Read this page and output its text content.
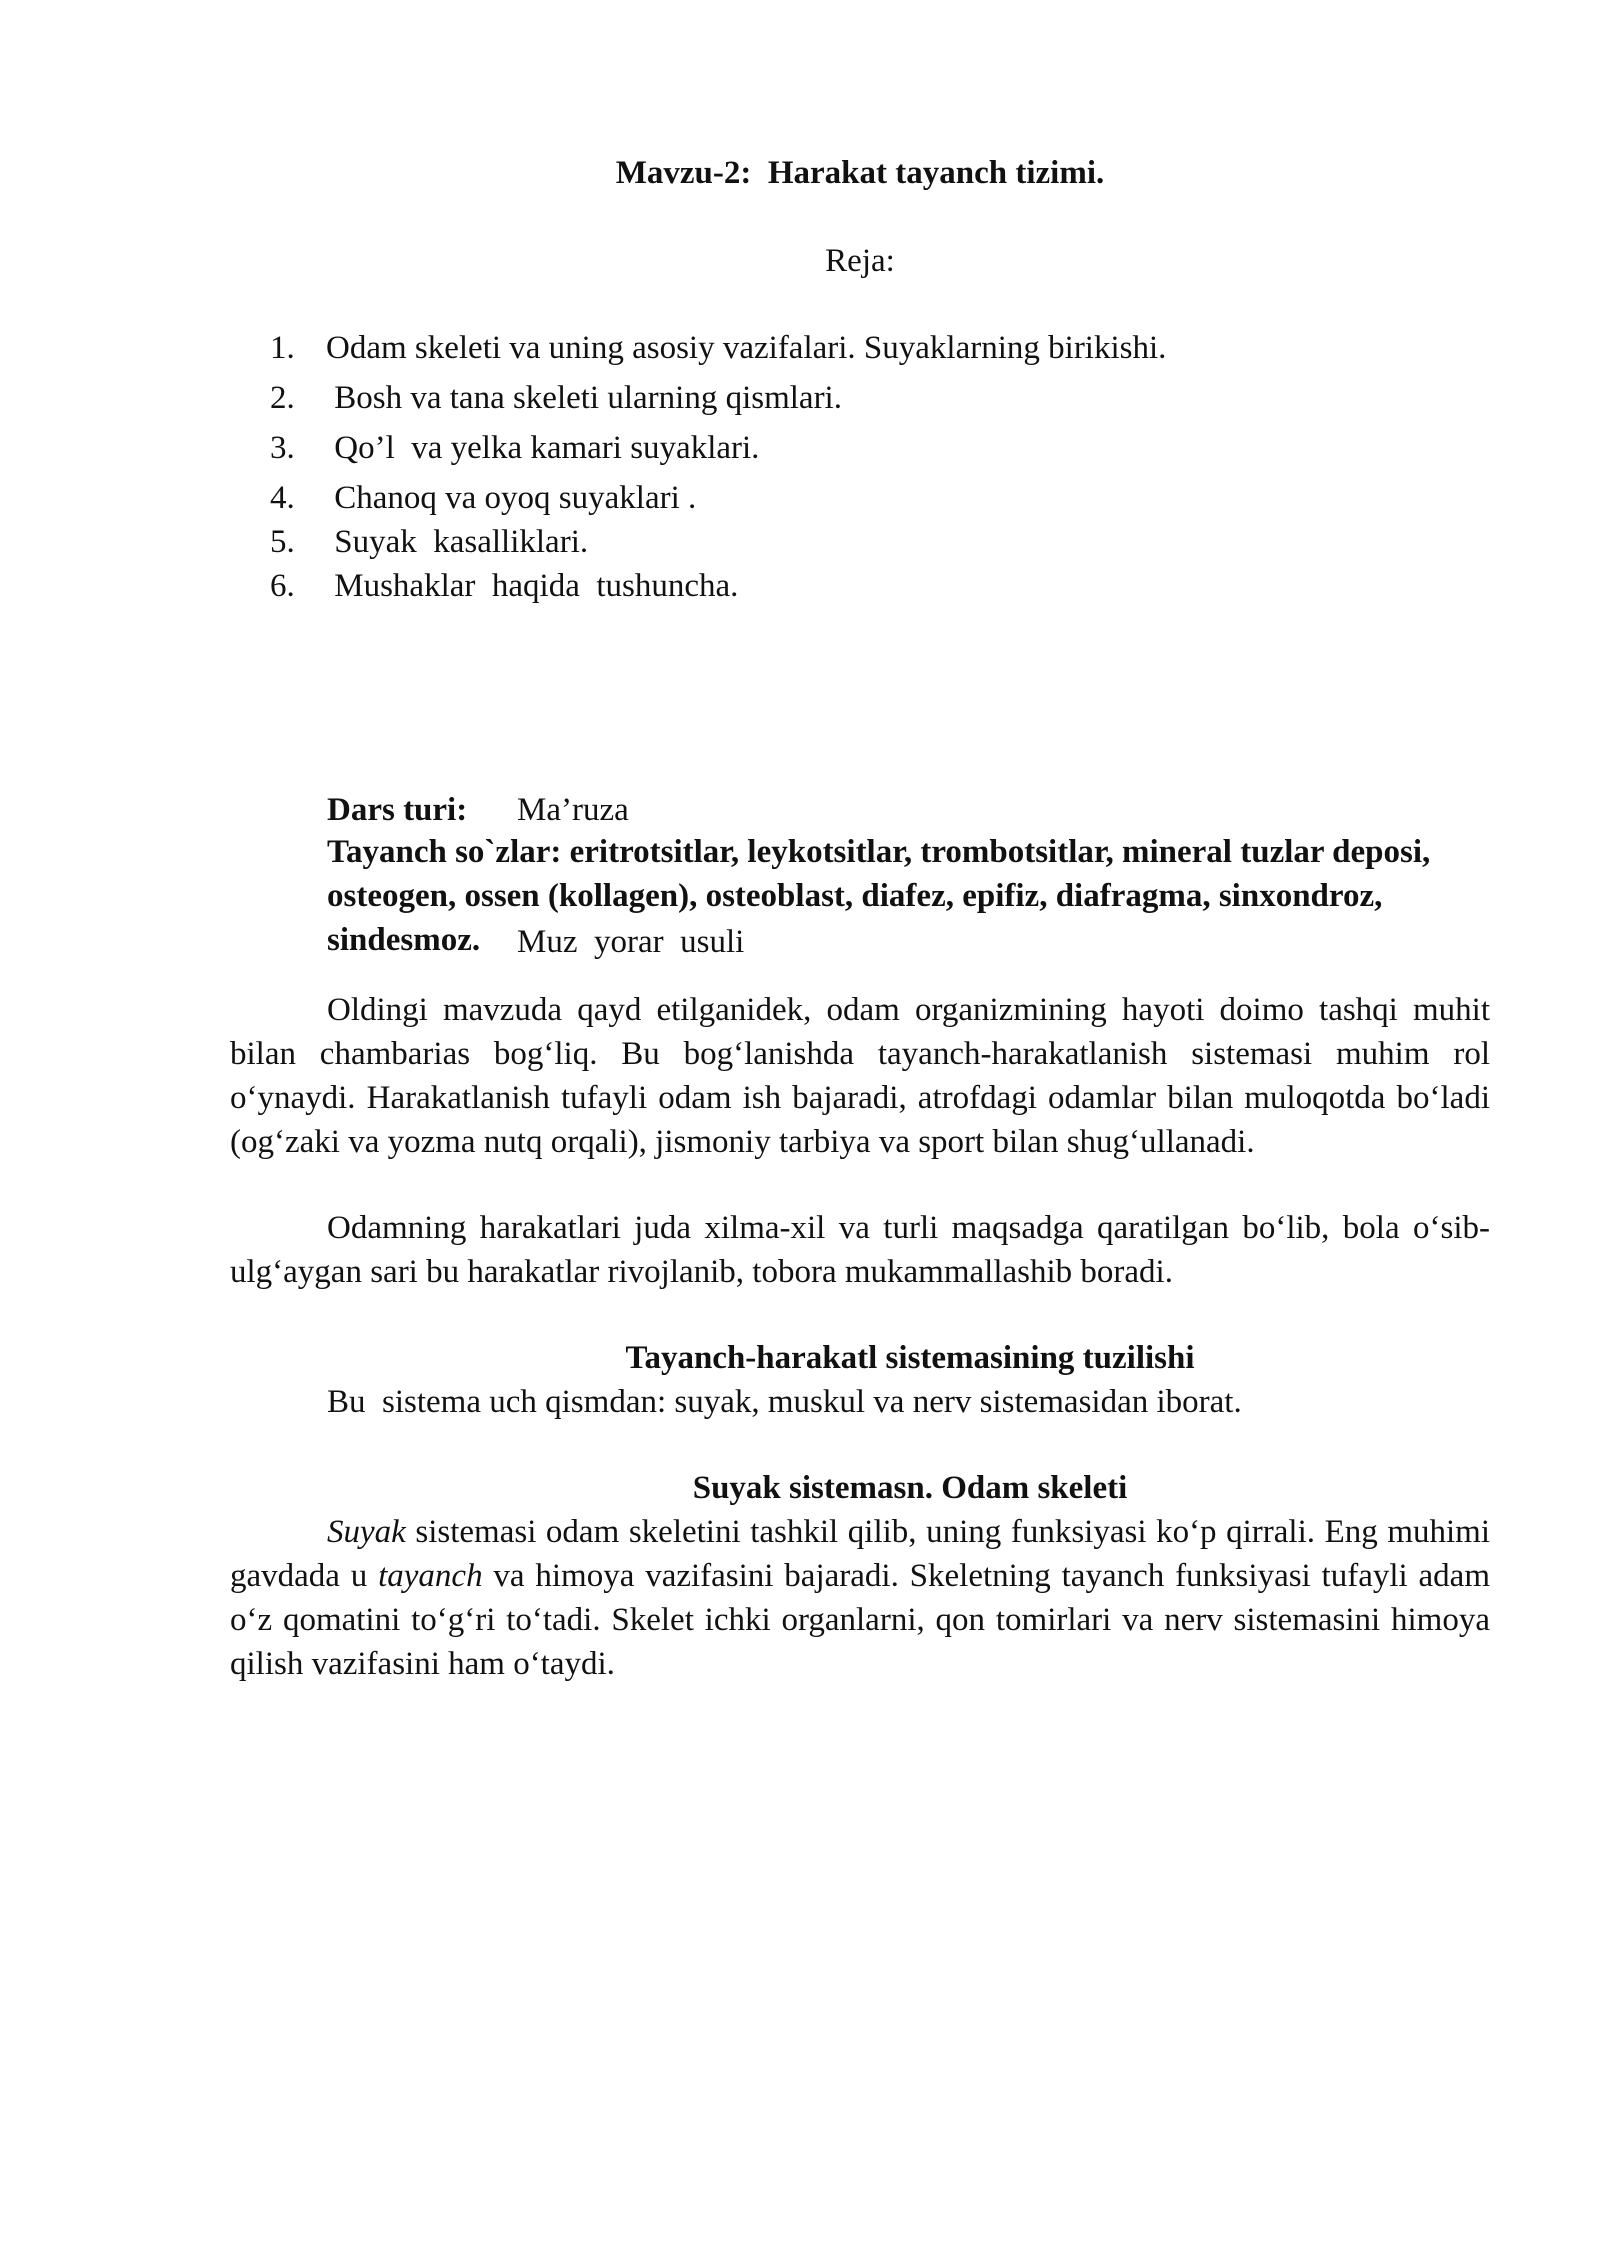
Mavzu-2:  Harakat tayanch tizimi.
Reja:
1. Odam skeleti va uning asosiy vazifalari. Suyaklarning birikishi.
2. Bosh va tana skeleti ularning qismlari.
3. Qo’l  va yelka kamari suyaklari.
4. Chanoq va oyoq suyaklari .
5. Suyak  kasalliklari.
6. Mushaklar  haqida  tushuncha.

Dars turi: Ma’ruza

Muz  yorar  usuli

Tayanch so`zlar: eritrotsitlar, leykotsitlar, trombotsitlar, mineral tuzlar deposi, osteogen, ossen (kollagen), osteoblast, diafez, epifiz, diafragma, sinxondroz, sindesmoz.
Oldingi mavzuda qayd etilganidek, odam organizmining hayoti doimo tashqi muhit bilan chambarias bog‘liq. Bu bog‘lanishda tayanch-harakatlanish sistemasi muhim rol o‘ynaydi. Harakatlanish tufayli odam ish bajaradi, atrofdagi odamlar bilan muloqotda bo‘ladi (og‘zaki va yozma nutq orqali), jismoniy tarbiya va sport bilan shug‘ullanadi.
Odamning harakatlari juda xilma-xil va turli maqsadga qaratilgan bo‘lib, bola o‘sib-ulg‘aygan sari bu harakatlar rivojlanib, tobora mukammallashib boradi.
Tayanch-harakatl sistemasining tuzilishi
Bu  sistema uch qismdan: suyak, muskul va nerv sistemasidan iborat.
Suyak sistemasn. Odam skeleti
Suyak sistemasi odam skeletini tashkil qilib, uning funksiyasi ko‘p qirrali. Eng muhimi gavdada u tayanch va himoya vazifasini bajaradi. Skeletning tayanch funksiyasi tufayli adam o‘z qomatini to‘g‘ri to‘tadi. Skelet ichki organlarni, qon tomirlari va nerv sistemasini himoya qilish vazifasini ham o‘taydi.
